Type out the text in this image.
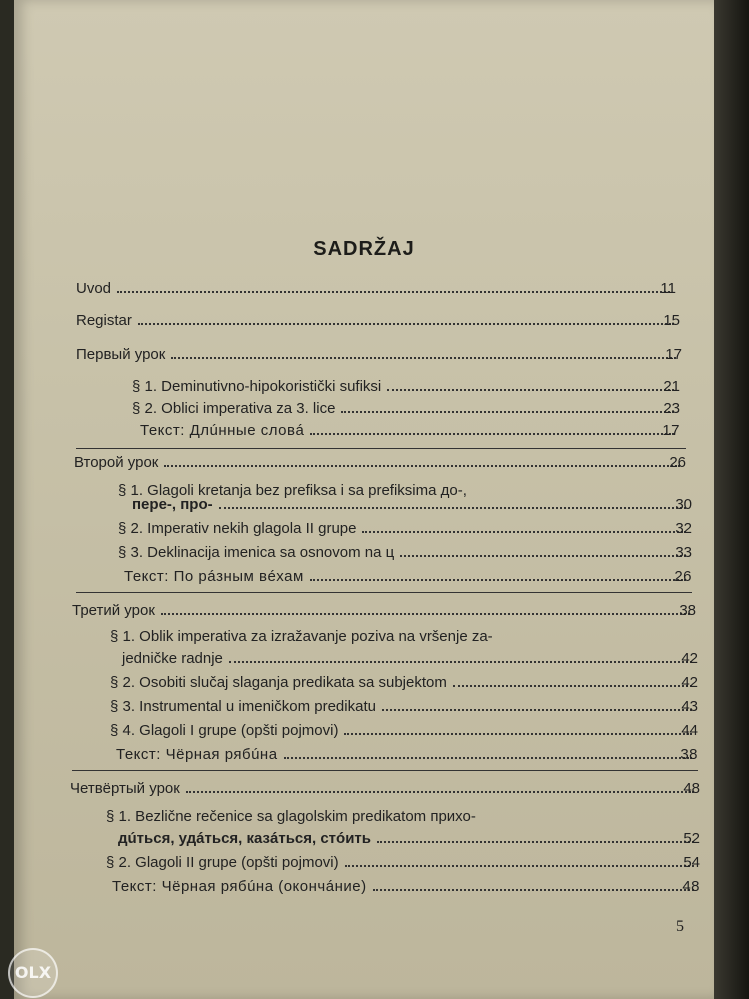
SADRŽAJ
Uvod	11
Registar	15
Первый урок	17
§ 1. Deminutivno-hipokoristički sufiksi	21
§ 2. Oblici imperativa za 3. lice	23
Текст: Длúнные словá	17
Второй урок	26
§ 1. Glagoli kretanja bez prefiksa i sa prefiksima до-,
пере-, про-	30
§ 2. Imperativ nekih glagola II grupe	32
§ 3. Deklinacija imenica sa osnovom na ц	33
Текст: По рáзным вéхам	26
Третий урок	38
§ 1. Oblik imperativa za izražavanje poziva na vršenje za-
jedničke radnje	42
§ 2. Osobiti slučaj slaganja predikata sa subjektom	42
§ 3. Instrumental u imeničkom predikatu	43
§ 4. Glagoli I grupe (opšti pojmovi)	44
Текст: Чёрная рябúна	38
Четвёртый урок	48
§ 1. Bezlične rečenice sa glagolskim predikatom прихо-
дúться, удáться, казáться, стóить	52
§ 2. Glagoli II grupe (opšti pojmovi)	54
Текст: Чёрная рябúна (окончáние)	48
5
OLX
